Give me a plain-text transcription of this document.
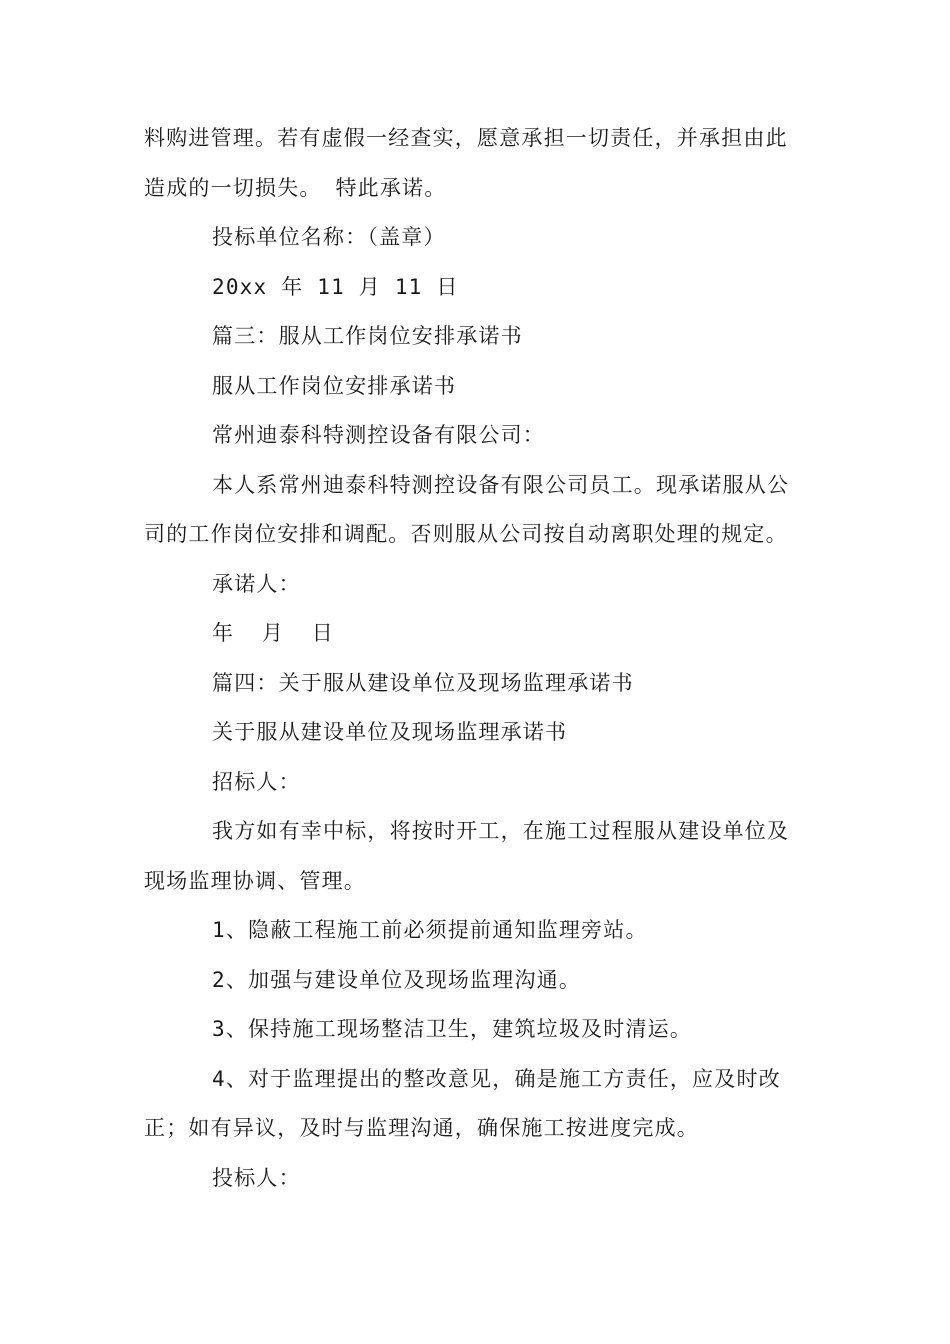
料购进管理。若有虚假一经查实，愿意承担一切责任，并承担由此造成的一切损失。 特此承诺。

投标单位名称：（盖章）

20xx 年 11 月 11 日

篇三：服从工作岗位安排承诺书

服从工作岗位安排承诺书

常州迪泰科特测控设备有限公司：

本人系常州迪泰科特测控设备有限公司员工。现承诺服从公司的工作岗位安排和调配。否则服从公司按自动离职处理的规定。

承诺人：

年  月  日

篇四：关于服从建设单位及现场监理承诺书

关于服从建设单位及现场监理承诺书

招标人：

我方如有幸中标，将按时开工，在施工过程服从建设单位及现场监理协调、管理。

1、隐蔽工程施工前必须提前通知监理旁站。

2、加强与建设单位及现场监理沟通。

3、保持施工现场整洁卫生，建筑垃圾及时清运。

4、对于监理提出的整改意见，确是施工方责任，应及时改正；如有异议，及时与监理沟通，确保施工按进度完成。

投标人：
